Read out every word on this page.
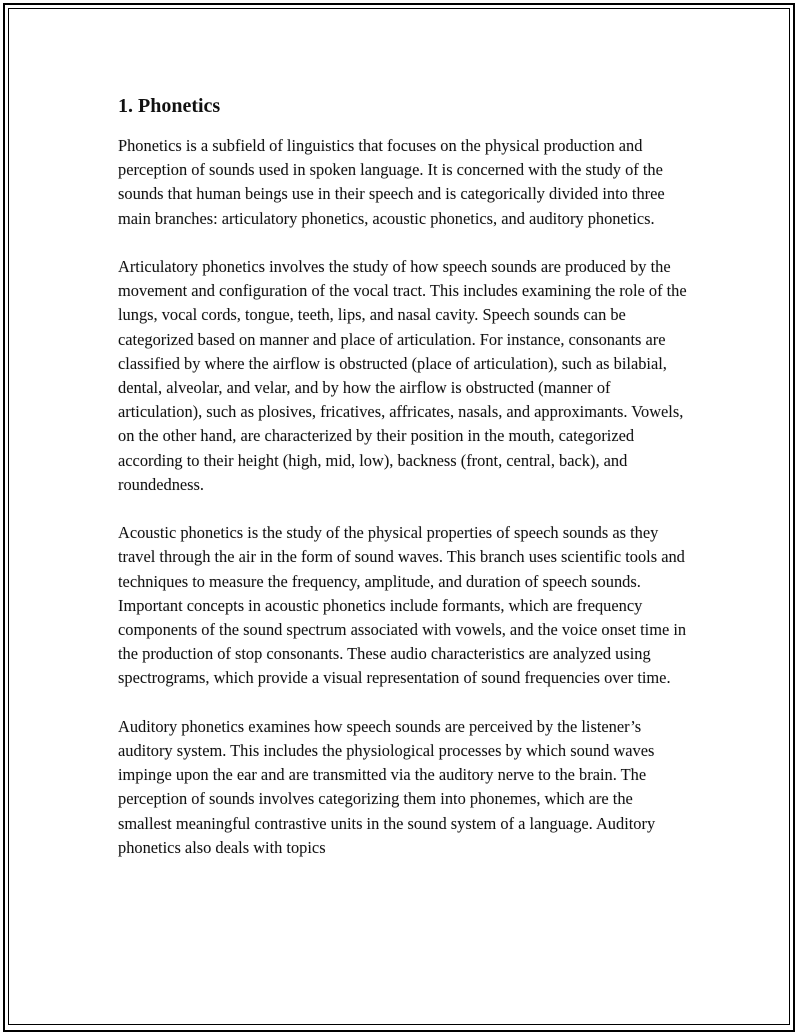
1. Phonetics

Phonetics is a subfield of linguistics that focuses on the physical production and perception of sounds used in spoken language. It is concerned with the study of the sounds that human beings use in their speech and is categorically divided into three main branches: articulatory phonetics, acoustic phonetics, and auditory phonetics.

Articulatory phonetics involves the study of how speech sounds are produced by the movement and configuration of the vocal tract. This includes examining the role of the lungs, vocal cords, tongue, teeth, lips, and nasal cavity. Speech sounds can be categorized based on manner and place of articulation. For instance, consonants are classified by where the airflow is obstructed (place of articulation), such as bilabial, dental, alveolar, and velar, and by how the airflow is obstructed (manner of articulation), such as plosives, fricatives, affricates, nasals, and approximants. Vowels, on the other hand, are characterized by their position in the mouth, categorized according to their height (high, mid, low), backness (front, central, back), and roundedness.

Acoustic phonetics is the study of the physical properties of speech sounds as they travel through the air in the form of sound waves. This branch uses scientific tools and techniques to measure the frequency, amplitude, and duration of speech sounds. Important concepts in acoustic phonetics include formants, which are frequency components of the sound spectrum associated with vowels, and the voice onset time in the production of stop consonants. These audio characteristics are analyzed using spectrograms, which provide a visual representation of sound frequencies over time.

Auditory phonetics examines how speech sounds are perceived by the listener’s auditory system. This includes the physiological processes by which sound waves impinge upon the ear and are transmitted via the auditory nerve to the brain. The perception of sounds involves categorizing them into phonemes, which are the smallest meaningful contrastive units in the sound system of a language. Auditory phonetics also deals with topics
